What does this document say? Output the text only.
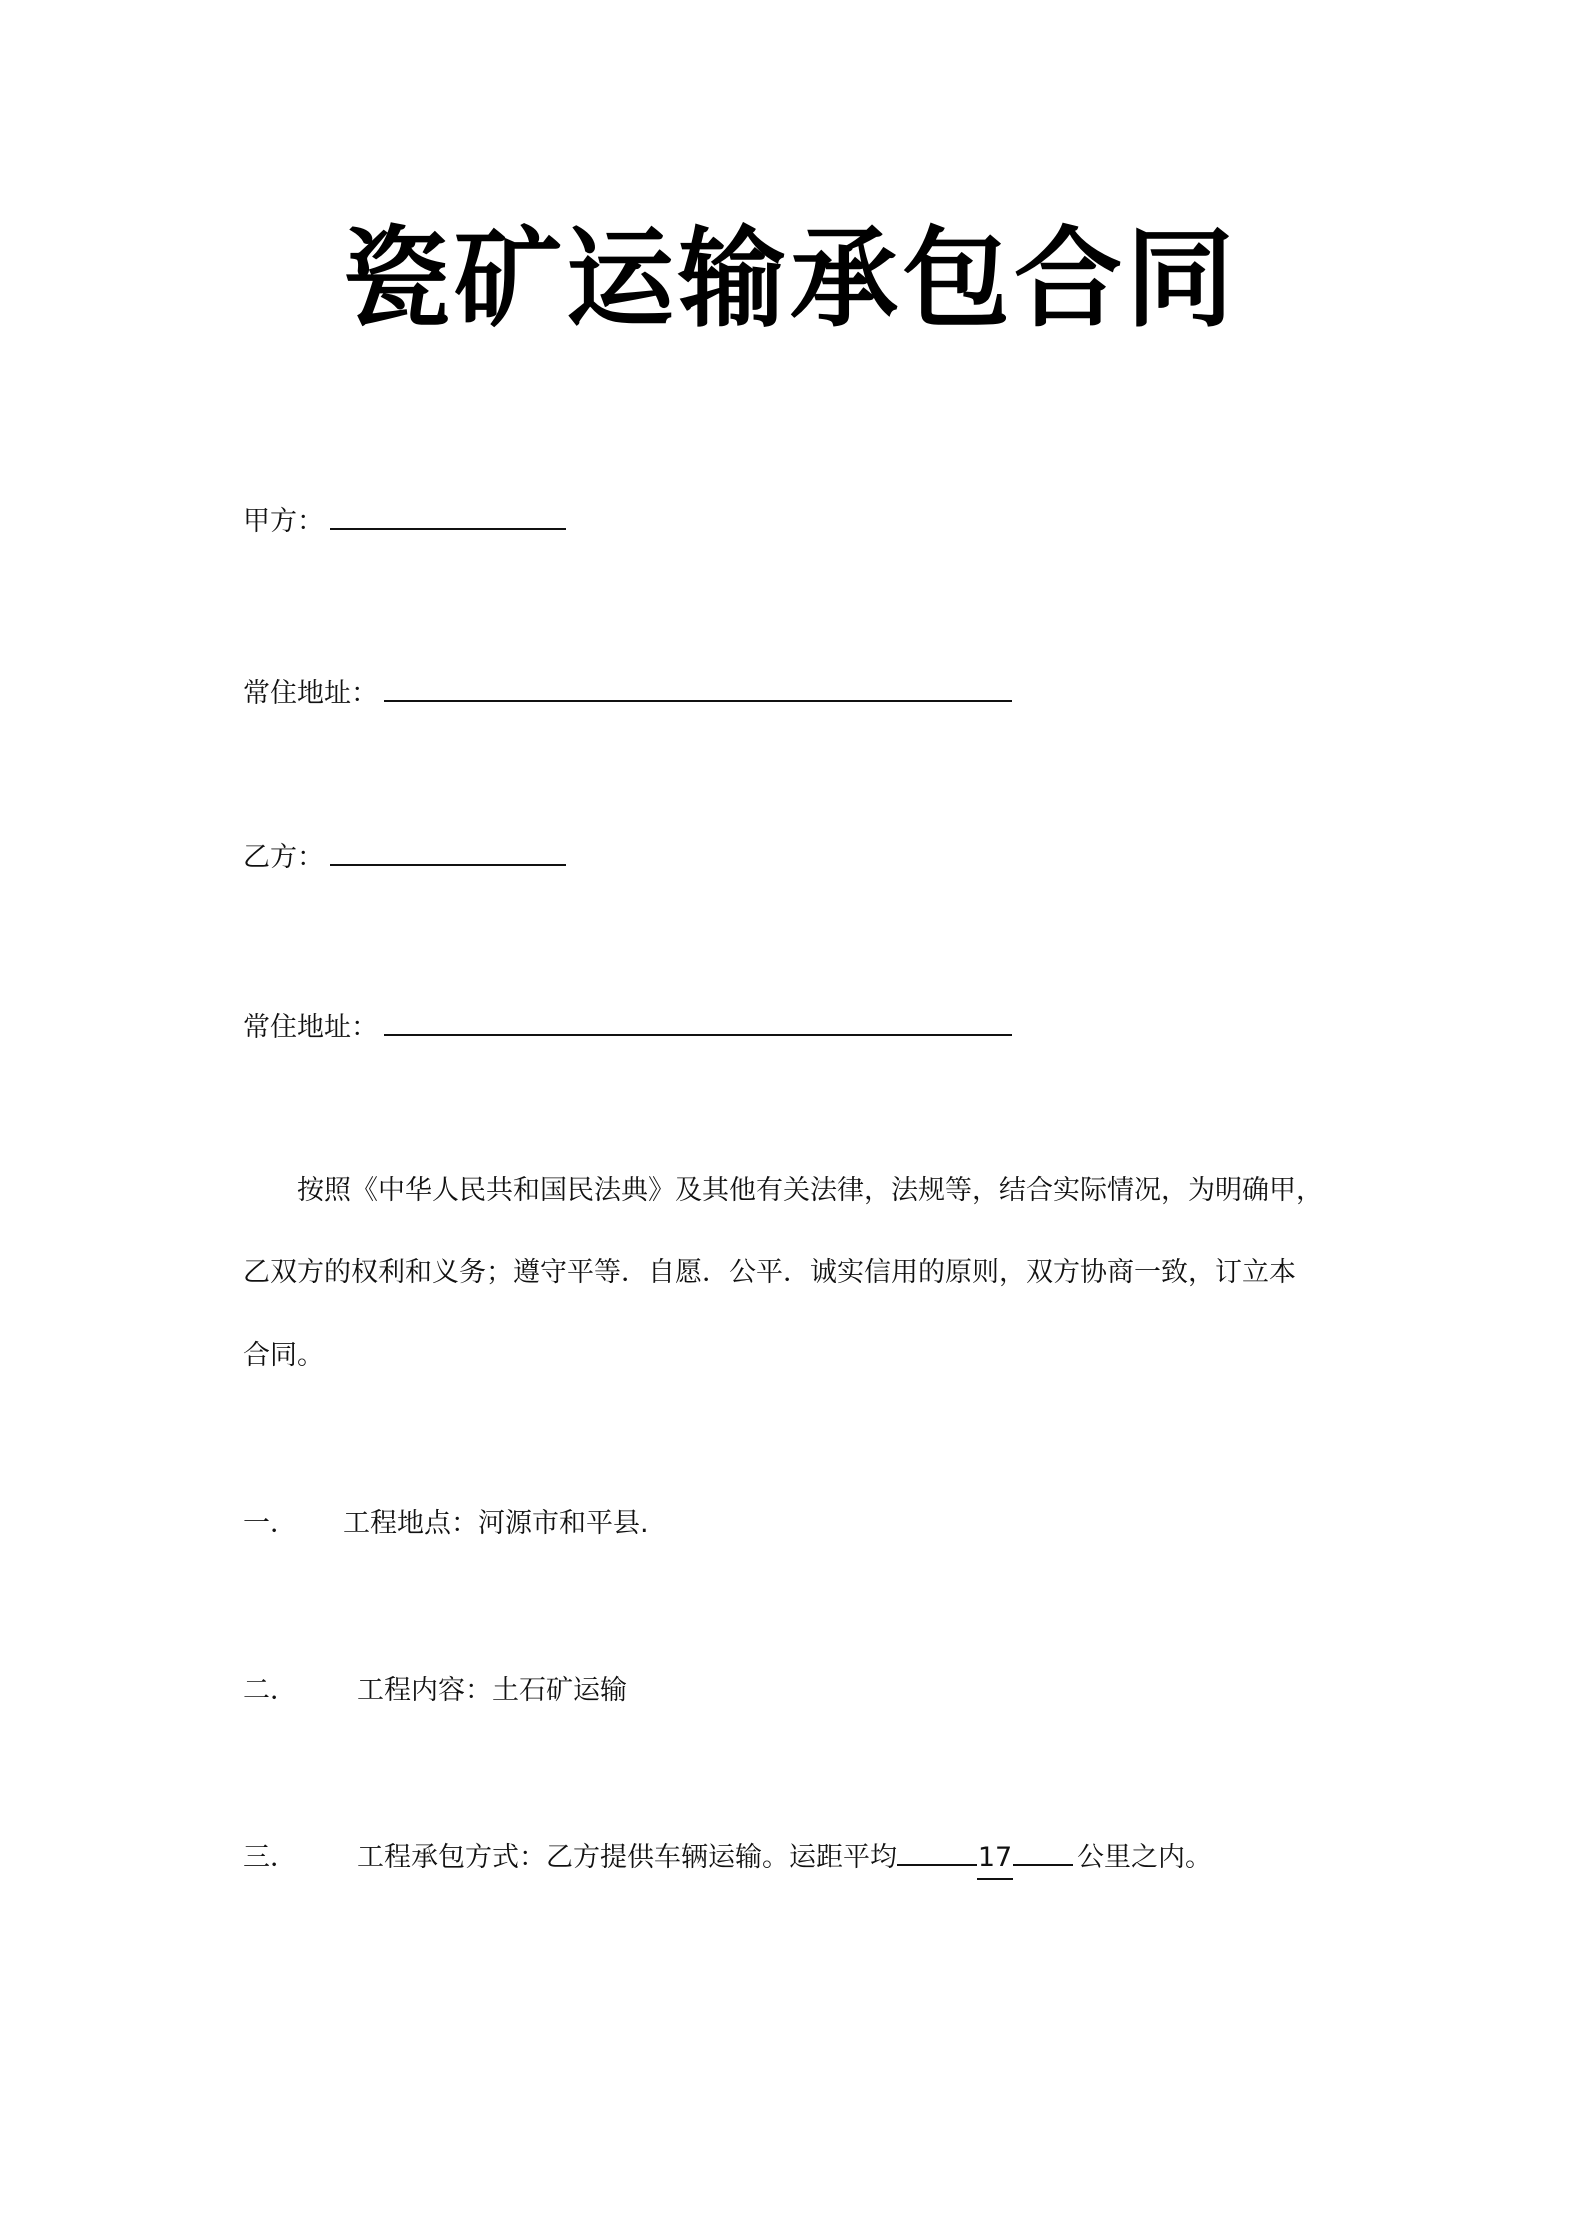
瓷矿运输承包合同
甲方：
常住地址：
乙方：
常住地址：
按照《中华人民共和国民法典》及其他有关法律，法规等，结合实际情况，为明确甲，
乙双方的权利和义务；遵守平等．自愿．公平．诚实信用的原则，双方协商一致，订立本
合同。
一． 工程地点：河源市和平县.
二． 工程内容：土石矿运输
三． 工程承包方式：乙方提供车辆运输。运距平均	17 公里之内。
